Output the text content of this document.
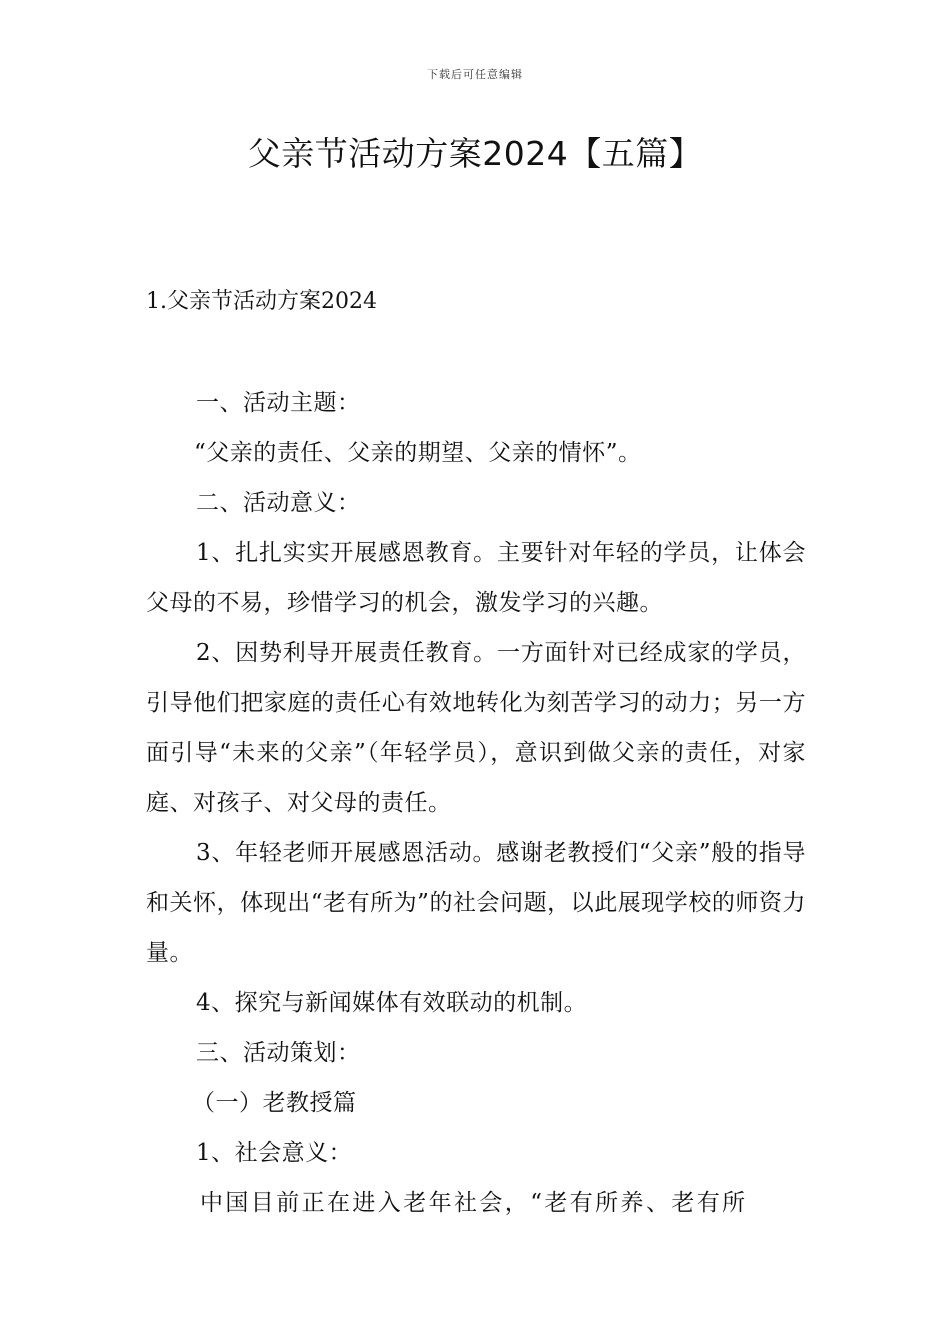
下载后可任意编辑
父亲节活动方案2024【五篇】
1.父亲节活动方案2024

一、活动主题：

“父亲的责任、父亲的期望、父亲的情怀”。

二、活动意义：

1、扎扎实实开展感恩教育。主要针对年轻的学员，让体会父母的不易，珍惜学习的机会，激发学习的兴趣。

2、因势利导开展责任教育。一方面针对已经成家的学员，引导他们把家庭的责任心有效地转化为刻苦学习的动力；另一方面引导“未来的父亲”（年轻学员），意识到做父亲的责任，对家庭、对孩子、对父母的责任。

3、年轻老师开展感恩活动。感谢老教授们“父亲”般的指导和关怀，体现出“老有所为”的社会问题，以此展现学校的师资力量。

4、探究与新闻媒体有效联动的机制。

三、活动策划：

（一）老教授篇

1、社会意义：

中国目前正在进入老年社会，“老有所养、老有所
